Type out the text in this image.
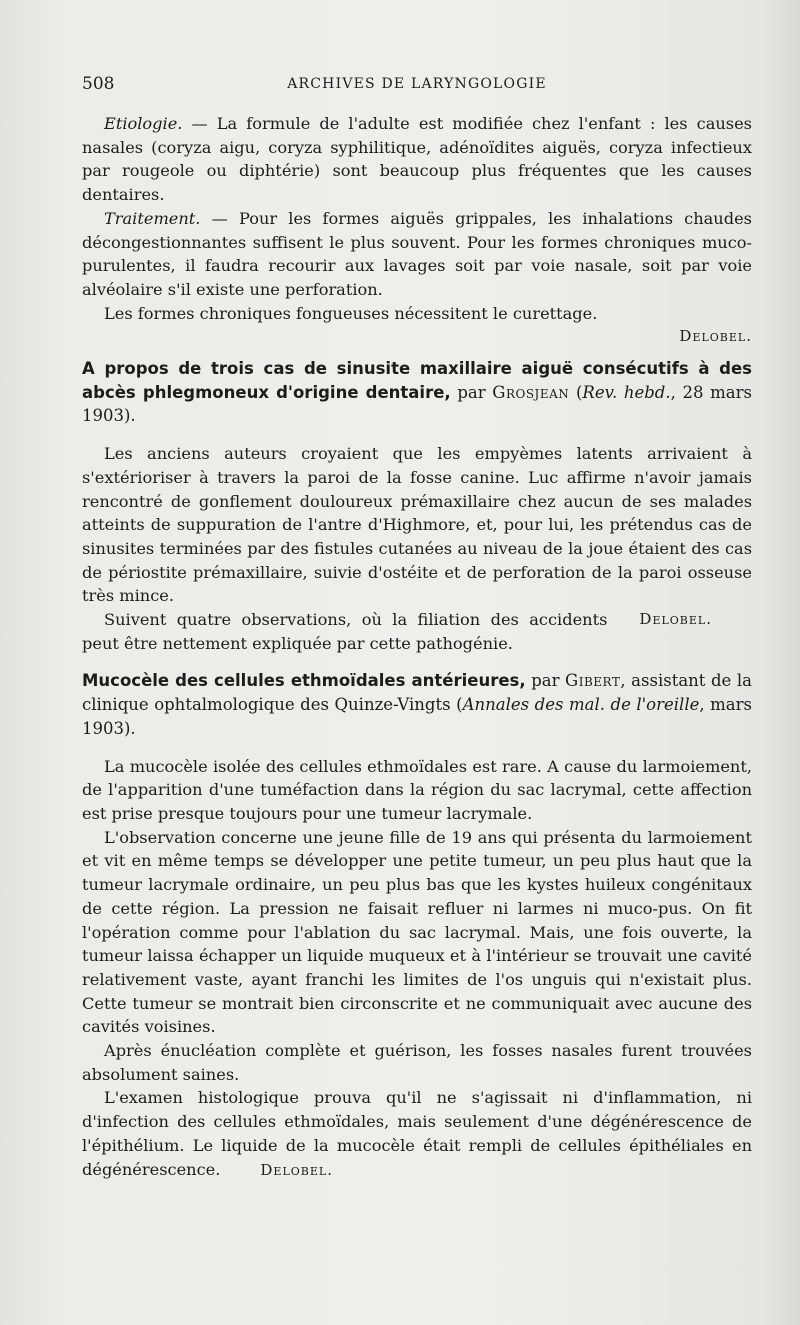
508	ARCHIVES DE LARYNGOLOGIE

Etiologie. — La formule de l'adulte est modifiée chez l'enfant : les causes nasales (coryza aigu, coryza syphilitique, adénoïdites aiguës, coryza infectieux par rougeole ou diphtérie) sont beaucoup plus fréquentes que les causes dentaires.

Traitement. — Pour les formes aiguës grippales, les inhalations chaudes décongestionnantes suffisent le plus souvent. Pour les formes chroniques muco-purulentes, il faudra recourir aux lavages soit par voie nasale, soit par voie alvéolaire s'il existe une perforation.

Les formes chroniques fongueuses nécessitent le curettage.

Delobel.
A propos de trois cas de sinusite maxillaire aiguë consécutifs à des abcès phlegmoneux d'origine dentaire, par Grosjean (Rev. hebd., 28 mars 1903).

Les anciens auteurs croyaient que les empyèmes latents arrivaient à s'extérioriser à travers la paroi de la fosse canine. Luc affirme n'avoir jamais rencontré de gonflement douloureux prémaxillaire chez aucun de ses malades atteints de suppuration de l'antre d'Highmore, et, pour lui, les prétendus cas de sinusites terminées par des fistules cutanées au niveau de la joue étaient des cas de périostite prémaxillaire, suivie d'ostéite et de perforation de la paroi osseuse très mince.

Delobel.
Suivent quatre observations, où la filiation des accidents peut être nettement expliquée par cette pathogénie.

Mucocèle des cellules ethmoïdales antérieures, par Gibert, assistant de la clinique ophtalmologique des Quinze-Vingts (Annales des mal. de l'oreille, mars 1903).

La mucocèle isolée des cellules ethmoïdales est rare. A cause du larmoiement, de l'apparition d'une tuméfaction dans la région du sac lacrymal, cette affection est prise presque toujours pour une tumeur lacrymale.

L'observation concerne une jeune fille de 19 ans qui présenta du larmoiement et vit en même temps se développer une petite tumeur, un peu plus haut que la tumeur lacrymale ordinaire, un peu plus bas que les kystes huileux congénitaux de cette région. La pression ne faisait refluer ni larmes ni muco-pus. On fit l'opération comme pour l'ablation du sac lacrymal. Mais, une fois ouverte, la tumeur laissa échapper un liquide muqueux et à l'intérieur se trouvait une cavité relativement vaste, ayant franchi les limites de l'os unguis qui n'existait plus. Cette tumeur se montrait bien circonscrite et ne communiquait avec aucune des cavités voisines.

Après énucléation complète et guérison, les fosses nasales furent trouvées absolument saines.

L'examen histologique prouva qu'il ne s'agissait ni d'inflammation, ni d'infection des cellules ethmoïdales, mais seulement d'une dégénérescence de l'épithélium. Le liquide de la mucocèle était rempli de cellules épithéliales en dégénérescence.	Delobel.
